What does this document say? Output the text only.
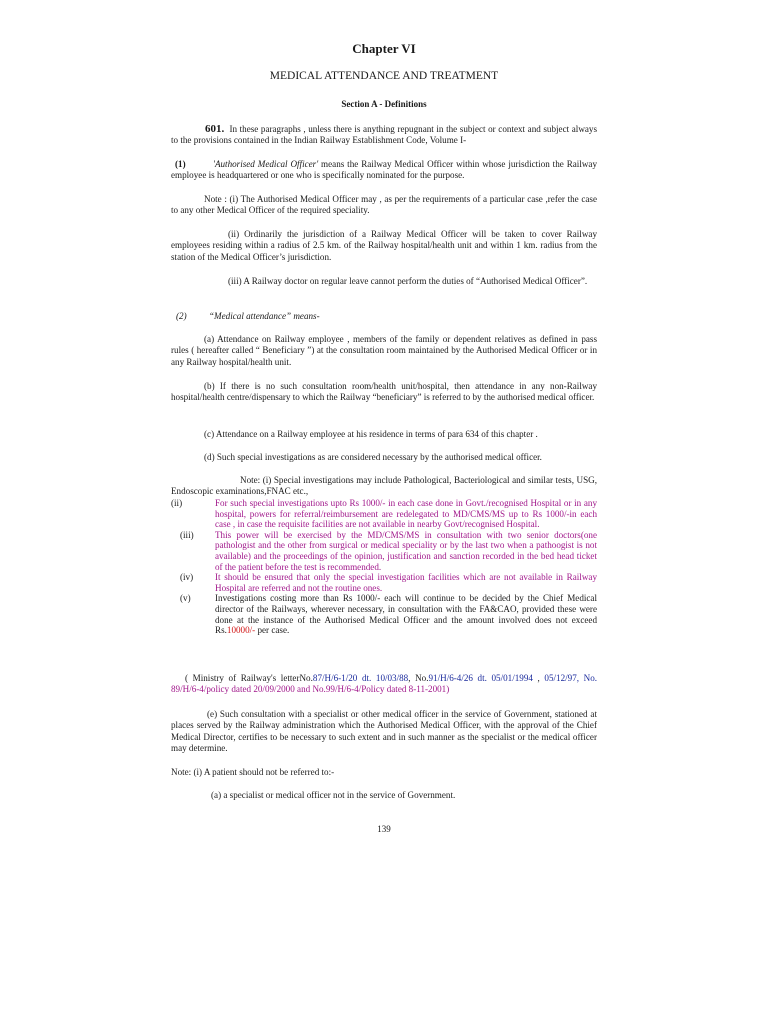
Chapter VI
MEDICAL ATTENDANCE AND TREATMENT
Section A - Definitions
601. In these paragraphs , unless there is anything repugnant in the subject or context and subject always to the provisions contained in the Indian Railway Establishment Code, Volume I-
(1)	'Authorised Medical Officer' means the Railway Medical Officer within whose jurisdiction the Railway employee is headquartered or one who is specifically nominated for the purpose.
Note : (i) The Authorised Medical Officer may , as per the requirements of a particular case ,refer the case to any other Medical Officer of the required speciality.
(ii) Ordinarily the jurisdiction of a Railway Medical Officer will be taken to cover Railway employees residing within a radius of 2.5 km. of the Railway hospital/health unit and within 1 km. radius from the station of the Medical Officer’s jurisdiction.
(iii) A Railway doctor on regular leave cannot perform the duties of “Authorised Medical Officer”.
(2) “Medical attendance” means-
(a) Attendance on Railway employee , members of the family or dependent relatives as defined in pass rules ( hereafter called “ Beneficiary ”) at the consultation room maintained by the Authorised Medical Officer or in any Railway hospital/health unit.
(b) If there is no such consultation room/health unit/hospital, then attendance in any non-Railway hospital/health centre/dispensary to which the Railway “beneficiary” is referred to by the authorised medical officer.
(c) Attendance on a Railway employee at his residence in terms of para 634 of this chapter .
(d) Such special investigations as are considered necessary by the authorised medical officer.
Note: (i) Special investigations may include Pathological, Bacteriological and similar tests, USG, Endoscopic examinations,FNAC etc.,
(ii)	For such special investigations upto Rs 1000/- in each case done in Govt./recognised Hospital or in any hospital, powers for referral/reimbursement are redelegated to MD/CMS/MS up to Rs 1000/-in each case , in case the requisite facilities are not available in nearby Govt/recognised Hospital.
(iii)	This power will be exercised by the MD/CMS/MS in consultation with two senior doctors(one pathologist and the other from surgical or medical speciality or by the last two when a pathoogist is not available) and the proceedings of the opinion, justification and sanction recorded in the bed head ticket of the patient before the test is recommended.
(iv)	It should be ensured that only the special investigation facilities which are not available in Railway Hospital are referred and not the routine ones.
(v)	Investigations costing more than Rs 1000/- each will continue to be decided by the Chief Medical director of the Railways, wherever necessary, in consultation with the FA&CAO, provided these were done at the instance of the Authorised Medical Officer and the amount involved does not exceed Rs.10000/- per case.
( Ministry of Railway's letterNo.87/H/6-1/20 dt. 10/03/88, No.91/H/6-4/26 dt. 05/01/1994 , 05/12/97, No. 89/H/6-4/policy dated 20/09/2000 and No.99/H/6-4/Policy dated 8-11-2001)
(e) Such consultation with a specialist or other medical officer in the service of Government, stationed at places served by the Railway administration which the Authorised Medical Officer, with the approval of the Chief Medical Director, certifies to be necessary to such extent and in such manner as the specialist or the medical officer may determine.
Note: (i) A patient should not be referred to:-
(a) a specialist or medical officer not in the service of Government.
139
